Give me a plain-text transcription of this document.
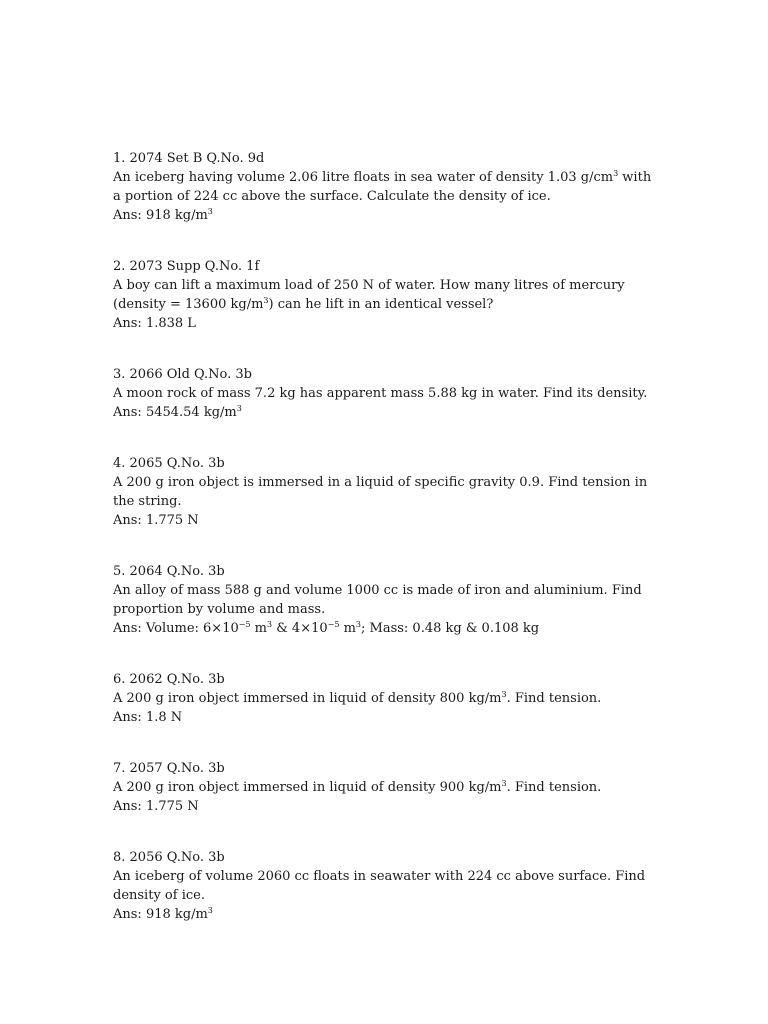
1. 2074 Set B Q.No. 9d

An iceberg having volume 2.06 litre floats in sea water of density 1.03 $g/cm^3$ with a portion of 224 cc above the surface. Calculate the density of ice.

Ans: 918 $kg/m^3$

2. 2073 Supp Q.No. 1f

A boy can lift a maximum load of 250 N of water. How many litres of mercury (density = 13600 $kg/m^3$) can he lift in an identical vessel?

Ans: 1.838 L

3. 2066 Old Q.No. 3b

A moon rock of mass 7.2 kg has apparent mass 5.88 kg in water. Find its density.

Ans: 5454.54 $kg/m^3$

4. 2065 Q.No. 3b

A 200 g iron object is immersed in a liquid of specific gravity 0.9. Find tension in the string.

Ans: 1.775 N

5. 2064 Q.No. 3b

An alloy of mass 588 g and volume 1000 cc is made of iron and aluminium. Find proportion by volume and mass.

Ans: Volume: $6\times 10^{-5}$ $m^3$ & $4\times 10^{-5}$ $m^3$; Mass: 0.48 kg & 0.108 kg

6. 2062 Q.No. 3b

A 200 g iron object immersed in liquid of density 800 $kg/m^3$. Find tension.

Ans: 1.8 N

7. 2057 Q.No. 3b

A 200 g iron object immersed in liquid of density 900 $kg/m^3$. Find tension.

Ans: 1.775 N

8. 2056 Q.No. 3b

An iceberg of volume 2060 cc floats in seawater with 224 cc above surface. Find density of ice.

Ans: 918 $kg/m^3$
